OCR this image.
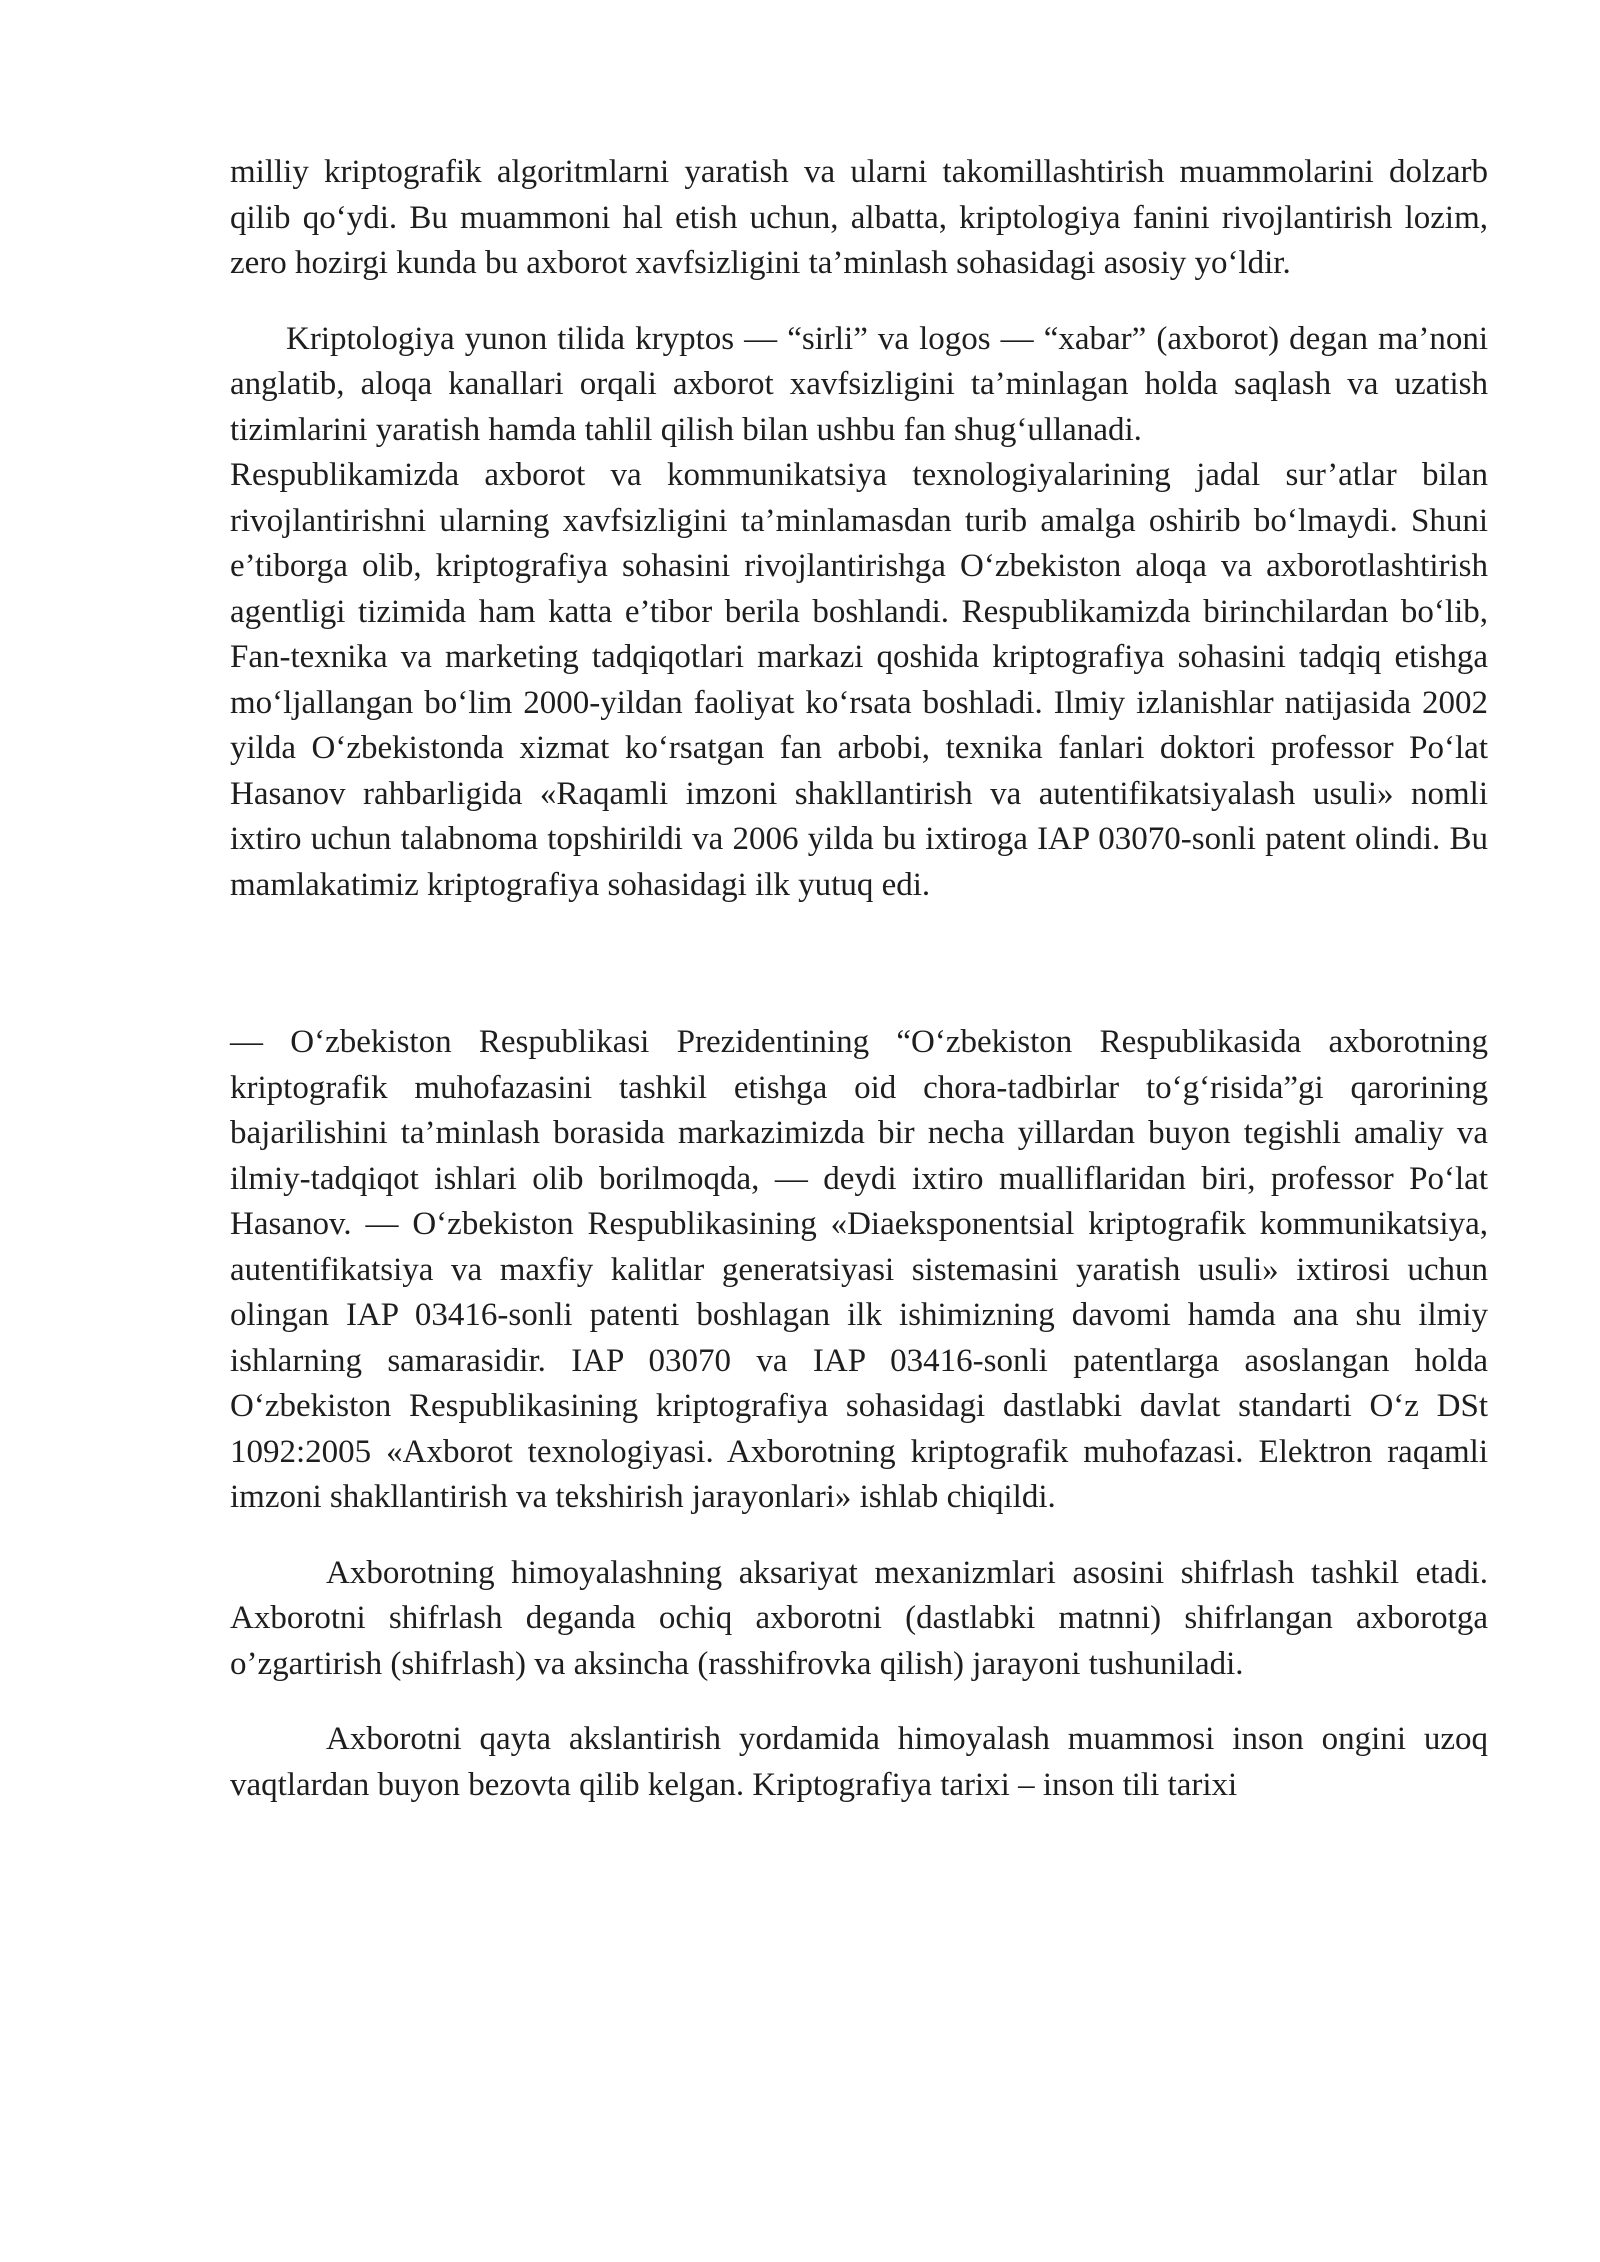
milliy kriptografik algoritmlarni yaratish va ularni takomillashtirish muammolarini dolzarb qilib qo‘ydi. Bu muammoni hal etish uchun, albatta, kriptologiya fanini rivojlantirish lozim, zero hozirgi kunda bu axborot xavfsizligini ta’minlash sohasidagi asosiy yo‘ldir.

Kriptologiya yunon tilida kryptos — “sirli” va logos — “xabar” (axborot) degan ma’noni anglatib, aloqa kanallari orqali axborot xavfsizligini ta’minlagan holda saqlash va uzatish tizimlarini yaratish hamda tahlil qilish bilan ushbu fan shug‘ullanadi.

Respublikamizda axborot va kommunikatsiya texnologiyalarining jadal sur’atlar bilan rivojlantirishni ularning xavfsizligini ta’minlamasdan turib amalga oshirib bo‘lmaydi. Shuni e’tiborga olib, kriptografiya sohasini rivojlantirishga O‘zbekiston aloqa va axborotlashtirish agentligi tizimida ham katta e’tibor berila boshlandi. Respublikamizda birinchilardan bo‘lib, Fan-texnika va marketing tadqiqotlari markazi qoshida kriptografiya sohasini tadqiq etishga mo‘ljallangan bo‘lim 2000-yildan faoliyat ko‘rsata boshladi. Ilmiy izlanishlar natijasida 2002 yilda O‘zbekistonda xizmat ko‘rsatgan fan arbobi, texnika fanlari doktori professor Po‘lat Hasanov rahbarligida «Raqamli imzoni shakllantirish va autentifikatsiyalash usuli» nomli ixtiro uchun talabnoma topshirildi va 2006 yilda bu ixtiroga IAP 03070-sonli patent olindi. Bu mamlakatimiz kriptografiya sohasidagi ilk yutuq edi.

— O‘zbekiston Respublikasi Prezidentining “O‘zbekiston Respublikasida axborotning kriptografik muhofazasini tashkil etishga oid chora-tadbirlar to‘g‘risida”gi qarorining bajarilishini ta’minlash borasida markazimizda bir necha yillardan buyon tegishli amaliy va ilmiy-tadqiqot ishlari olib borilmoqda, — deydi ixtiro mualliflaridan biri, professor Po‘lat Hasanov. — O‘zbekiston Respublikasining «Diaeksponentsial kriptografik kommunikatsiya, autentifikatsiya va maxfiy kalitlar generatsiyasi sistemasini yaratish usuli» ixtirosi uchun olingan IAP 03416-sonli patenti boshlagan ilk ishimizning davomi hamda ana shu ilmiy ishlarning samarasidir. IAP 03070 va IAP 03416-sonli patentlarga asoslangan holda O‘zbekiston Respublikasining kriptografiya sohasidagi dastlabki davlat standarti O‘z DSt 1092:2005 «Axborot texnologiyasi. Axborotning kriptografik muhofazasi. Elektron raqamli imzoni shakllantirish va tekshirish jarayonlari» ishlab chiqildi.

Axborotning himoyalashning aksariyat mexanizmlari asosini shifrlash tashkil etadi. Axborotni shifrlash deganda ochiq axborotni (dastlabki matnni) shifrlangan axborotga o’zgartirish (shifrlash) va aksincha (rasshifrovka qilish) jarayoni tushuniladi.

Axborotni qayta akslantirish yordamida himoyalash muammosi inson ongini uzoq vaqtlardan buyon bezovta qilib kelgan. Kriptografiya tarixi – inson tili tarixi
